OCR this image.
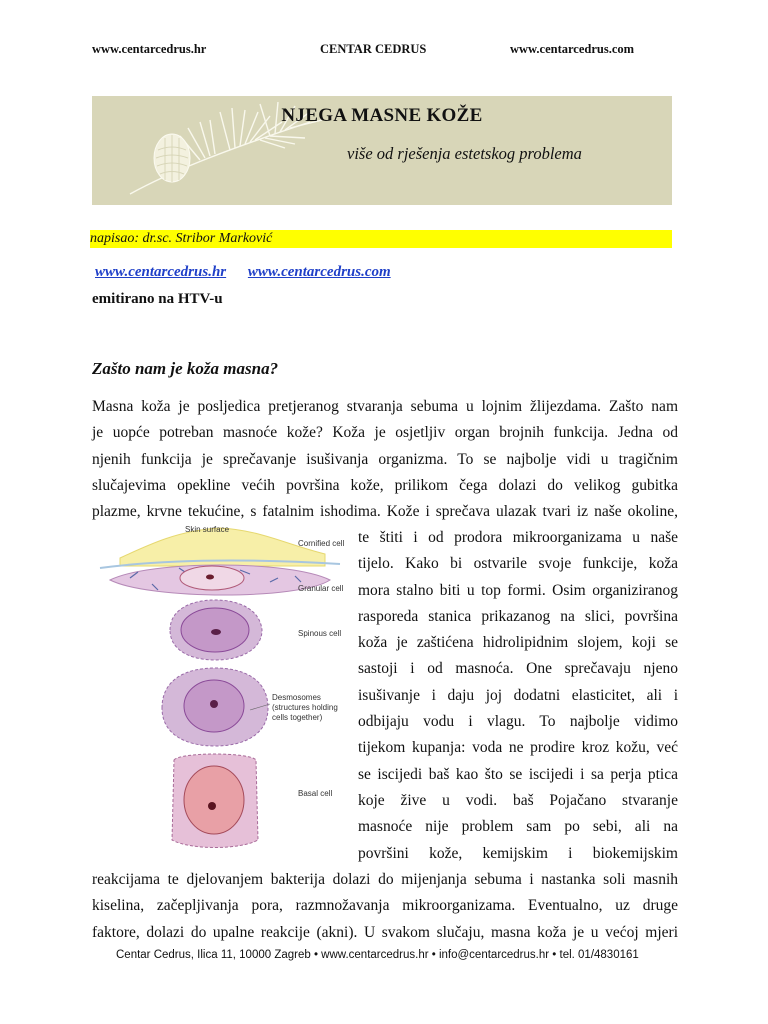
www.centarcedrus.hr	CENTAR CEDRUS	www.centarcedrus.com
NJEGA MASNE KOŽE
više od rješenja estetskog problema
napisao: dr.sc. Stribor Marković
www.centarcedrus.hr www.centarcedrus.com
emitirano na HTV-u
Zašto nam je koža masna?
Masna koža je posljedica pretjeranog stvaranja sebuma u lojnim žlijezdama. Zašto nam
je uopće potreban masnoće kože? Koža je osjetljiv organ brojnih funkcija. Jedna od
njenih funkcija je sprečavanje isušivanja organizma. To se najbolje vidi u tragičnim
slučajevima opekline većih površina kože, prilikom čega dolazi do velikog gubitka
plazme, krvne tekućine, s fatalnim ishodima. Kože i sprečava ulazak tvari iz naše okoline,
Skin surface
Cornified cell
Granular cell
Spinous cell
Desmosomes
(structures holding
cells together)
Basal cell
te štiti i od prodora mikroorganizama u naše
tijelo. Kako bi ostvarile svoje funkcije, koža
mora stalno biti u top formi. Osim organiziranog
rasporeda stanica prikazanog na slici, površina
koža je zaštićena hidrolipidnim slojem, koji se
sastoji i od masnoća. One sprečavaju njeno
isušivanje i daju joj dodatni elasticitet, ali i
odbijaju vodu i vlagu. To najbolje vidimo
tijekom kupanja: voda ne prodire kroz kožu, već
se iscijedi baš kao što se iscijedi i sa perja ptica
koje žive u vodi. baš Pojačano stvaranje
masnoće nije problem sam po sebi, ali na
površini kože, kemijskim i biokemijskim
reakcijama te djelovanjem bakterija dolazi do mijenjanja sebuma i nastanka soli masnih
kiselina, začepljivanja pora, razmnožavanja mikroorganizama. Eventualno, uz druge
faktore, dolazi do upalne reakcije (akni). U svakom slučaju, masna koža je u većoj mjeri
Centar Cedrus, Ilica 11, 10000 Zagreb • www.centarcedrus.hr • info@centarcedrus.hr • tel. 01/4830161
